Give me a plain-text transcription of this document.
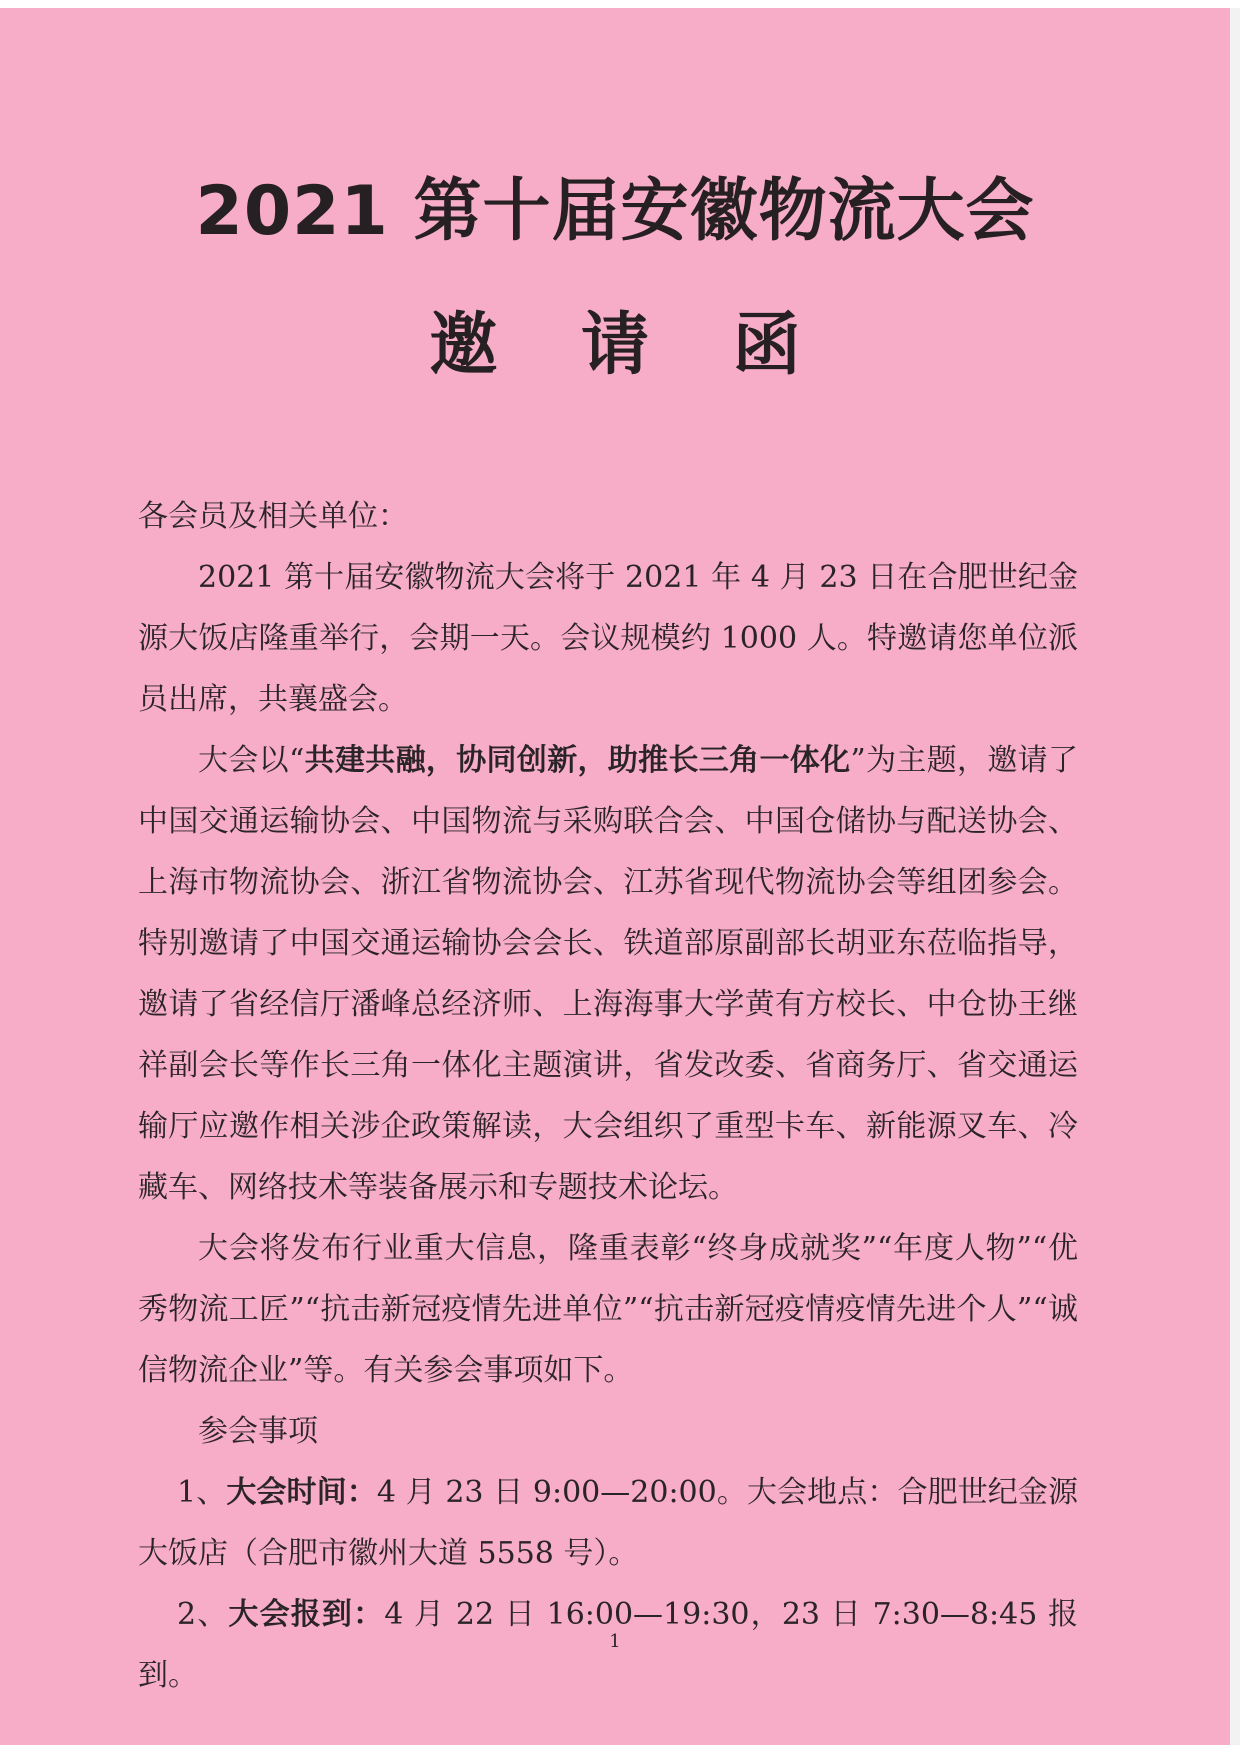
2021 第十届安徽物流大会
邀 请 函

各会员及相关单位：

2021 第十届安徽物流大会将于 2021 年 4 月 23 日在合肥世纪金源大饭店隆重举行，会期一天。会议规模约 1000 人。特邀请您单位派员出席，共襄盛会。

大会以“共建共融，协同创新，助推长三角一体化”为主题，邀请了中国交通运输协会、中国物流与采购联合会、中国仓储协与配送协会、上海市物流协会、浙江省物流协会、江苏省现代物流协会等组团参会。特别邀请了中国交通运输协会会长、铁道部原副部长胡亚东莅临指导，邀请了省经信厅潘峰总经济师、上海海事大学黄有方校长、中仓协王继祥副会长等作长三角一体化主题演讲，省发改委、省商务厅、省交通运输厅应邀作相关涉企政策解读，大会组织了重型卡车、新能源叉车、冷藏车、网络技术等装备展示和专题技术论坛。

大会将发布行业重大信息，隆重表彰“终身成就奖”“年度人物”“优秀物流工匠”“抗击新冠疫情先进单位”“抗击新冠疫情疫情先进个人”“诚信物流企业”等。有关参会事项如下。

参会事项

1、大会时间：4 月 23 日 9:00—20:00。大会地点：合肥世纪金源大饭店（合肥市徽州大道 5558 号）。

2、大会报到：4 月 22 日 16:00—19:30，23 日 7:30—8:45 报到。

1
